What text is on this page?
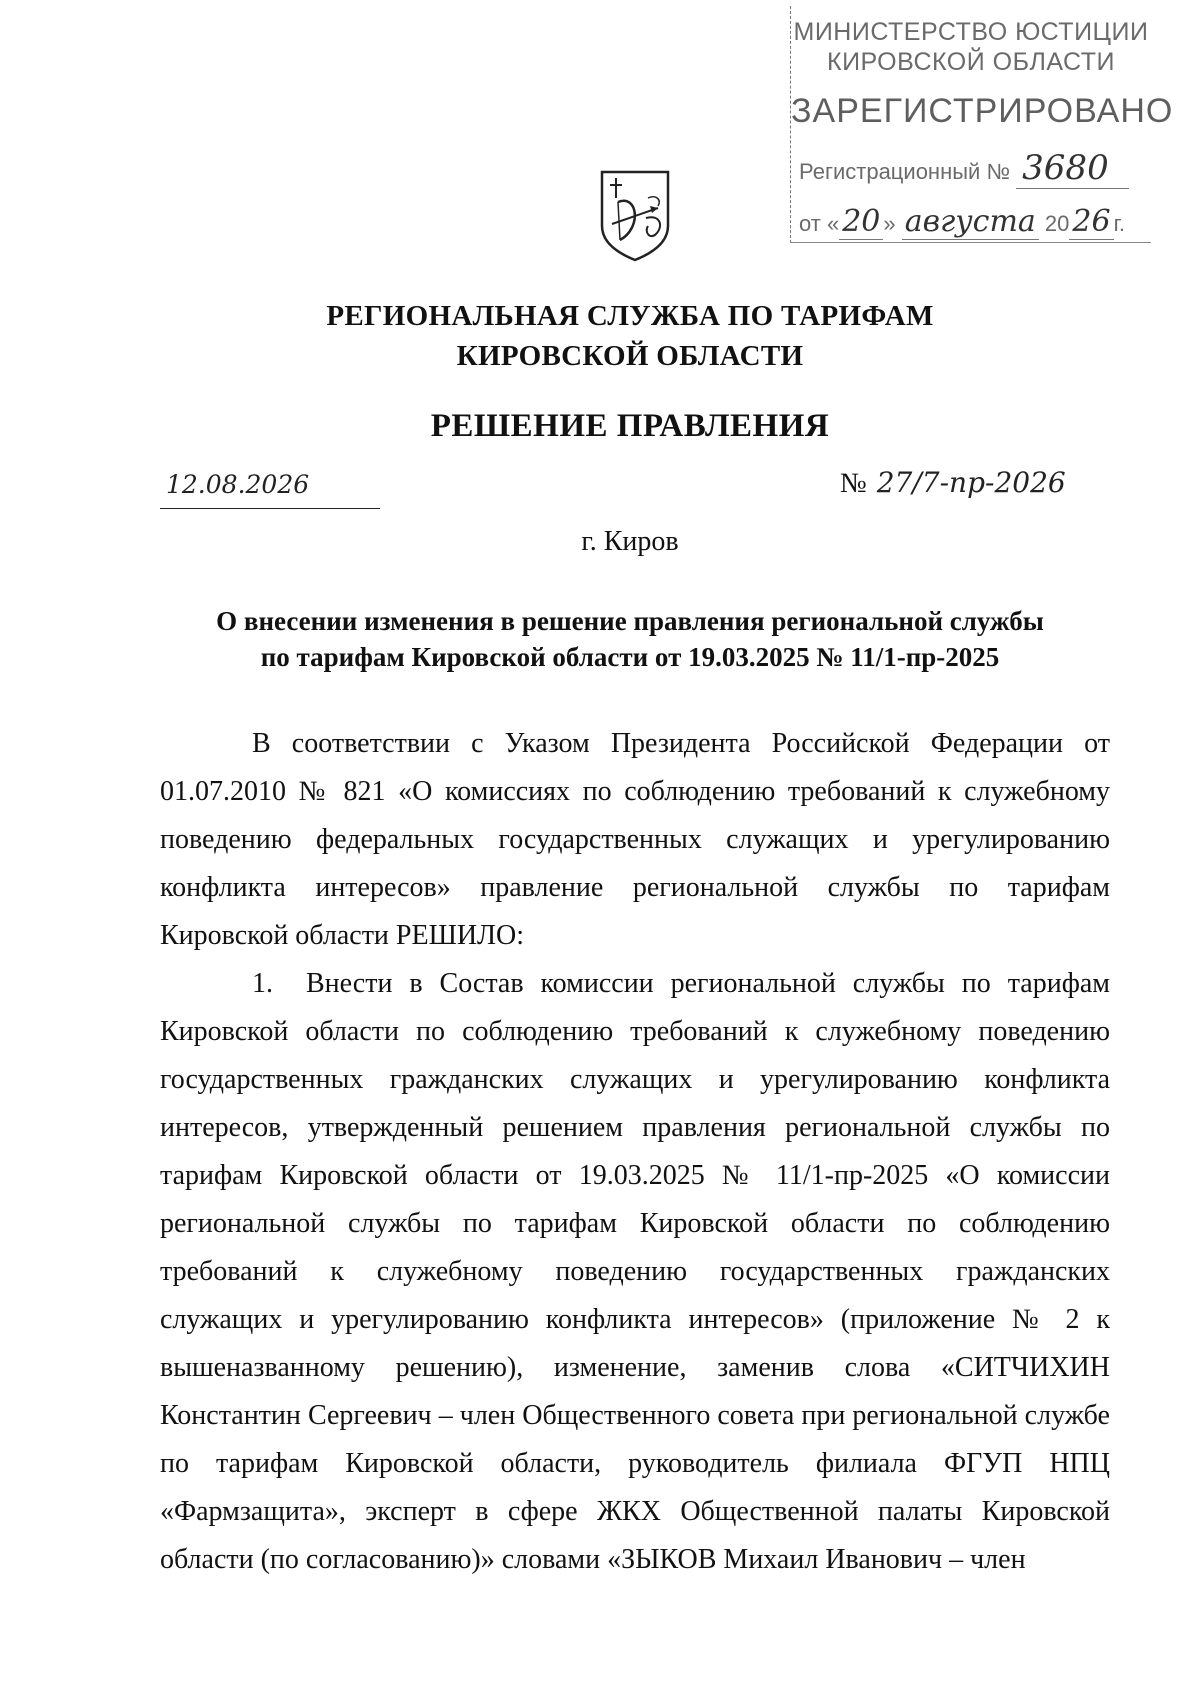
МИНИСТЕРСТВО ЮСТИЦИИ
КИРОВСКОЙ ОБЛАСТИ
ЗАРЕГИСТРИРОВАНО
Регистрационный № 3680
от « 20 » августа 20 26 г.
РЕГИОНАЛЬНАЯ СЛУЖБА ПО ТАРИФАМ
КИРОВСКОЙ ОБЛАСТИ
РЕШЕНИЕ ПРАВЛЕНИЯ
12.08.2026	№ 27/7-пр-2026
г. Киров
О внесении изменения в решение правления региональной службы
по тарифам Кировской области от 19.03.2025 № 11/1-пр-2025

В соответствии с Указом Президента Российской Федерации от 01.07.2010 № 821 «О комиссиях по соблюдению требований к служебному поведению федеральных государственных служащих и урегулированию конфликта интересов» правление региональной службы по тарифам Кировской области РЕШИЛО:

1. Внести в Состав комиссии региональной службы по тарифам Кировской области по соблюдению требований к служебному поведению государственных гражданских служащих и урегулированию конфликта интересов, утвержденный решением правления региональной службы по тарифам Кировской области от 19.03.2025 № 11/1-пр-2025 «О комиссии региональной службы по тарифам Кировской области по соблюдению требований к служебному поведению государственных гражданских служащих и урегулированию конфликта интересов» (приложение № 2 к вышеназванному решению), изменение, заменив слова «СИТЧИХИН Константин Сергеевич – член Общественного совета при региональной службе по тарифам Кировской области, руководитель филиала ФГУП НПЦ «Фармзащита», эксперт в сфере ЖКХ Общественной палаты Кировской области (по согласованию)» словами «ЗЫКОВ Михаил Иванович – член
